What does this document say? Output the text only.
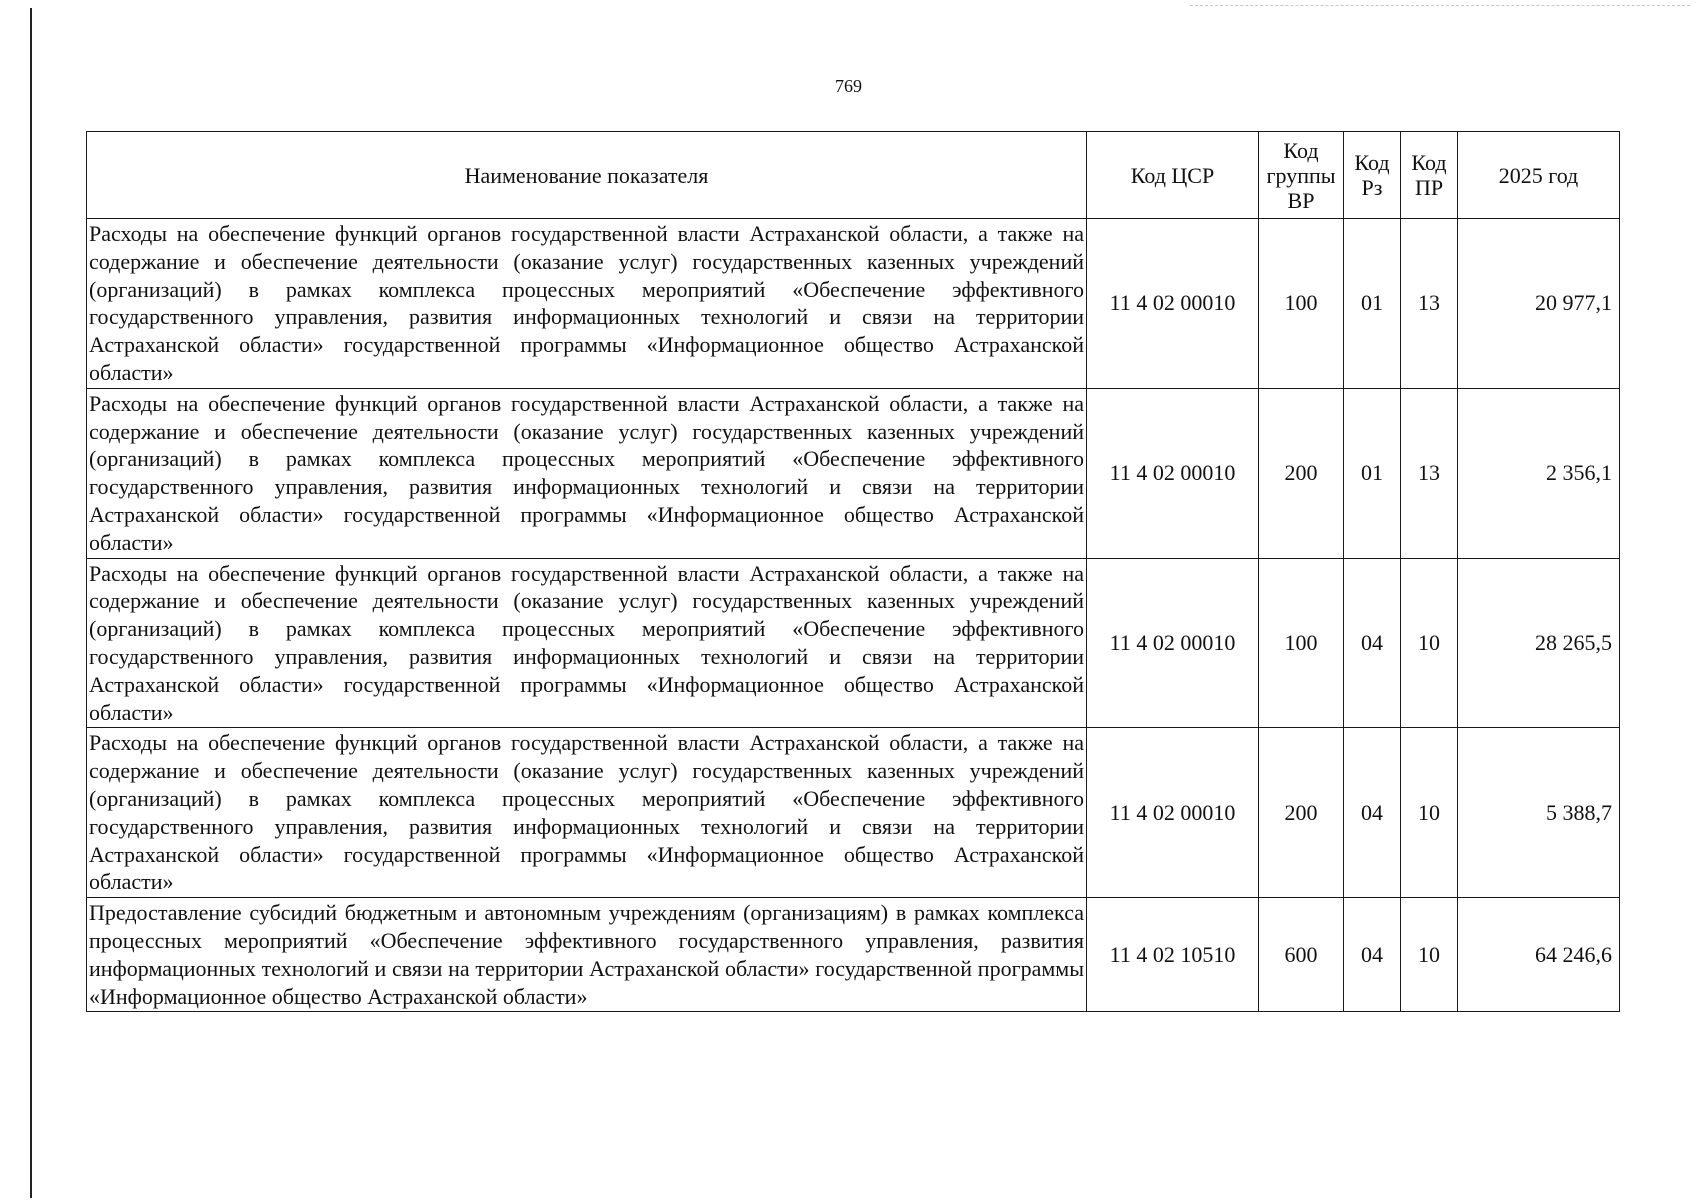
769
Наименование показателя	Код ЦСР	Код группы ВР	Код Рз	Код ПР	2025 год
Расходы на обеспечение функций органов государственной власти Астраханской области, а также на содержание и обеспечение деятельности (оказание услуг) государственных казенных учреждений (организаций) в рамках комплекса процессных мероприятий «Обеспечение эффективного государственного управления, развития информационных технологий и связи на территории Астраханской области» государственной программы «Информационное общество Астраханской области»	11 4 02 00010	100	01	13	20 977,1
Расходы на обеспечение функций органов государственной власти Астраханской области, а также на содержание и обеспечение деятельности (оказание услуг) государственных казенных учреждений (организаций) в рамках комплекса процессных мероприятий «Обеспечение эффективного государственного управления, развития информационных технологий и связи на территории Астраханской области» государственной программы «Информационное общество Астраханской области»	11 4 02 00010	200	01	13	2 356,1
Расходы на обеспечение функций органов государственной власти Астраханской области, а также на содержание и обеспечение деятельности (оказание услуг) государственных казенных учреждений (организаций) в рамках комплекса процессных мероприятий «Обеспечение эффективного государственного управления, развития информационных технологий и связи на территории Астраханской области» государственной программы «Информационное общество Астраханской области»	11 4 02 00010	100	04	10	28 265,5
Расходы на обеспечение функций органов государственной власти Астраханской области, а также на содержание и обеспечение деятельности (оказание услуг) государственных казенных учреждений (организаций) в рамках комплекса процессных мероприятий «Обеспечение эффективного государственного управления, развития информационных технологий и связи на территории Астраханской области» государственной программы «Информационное общество Астраханской области»	11 4 02 00010	200	04	10	5 388,7
Предоставление субсидий бюджетным и автономным учреждениям (организациям) в рамках комплекса процессных мероприятий «Обеспечение эффективного государственного управления, развития информационных технологий и связи на территории Астраханской области» государственной программы «Информационное общество Астраханской области»	11 4 02 10510	600	04	10	64 246,6
